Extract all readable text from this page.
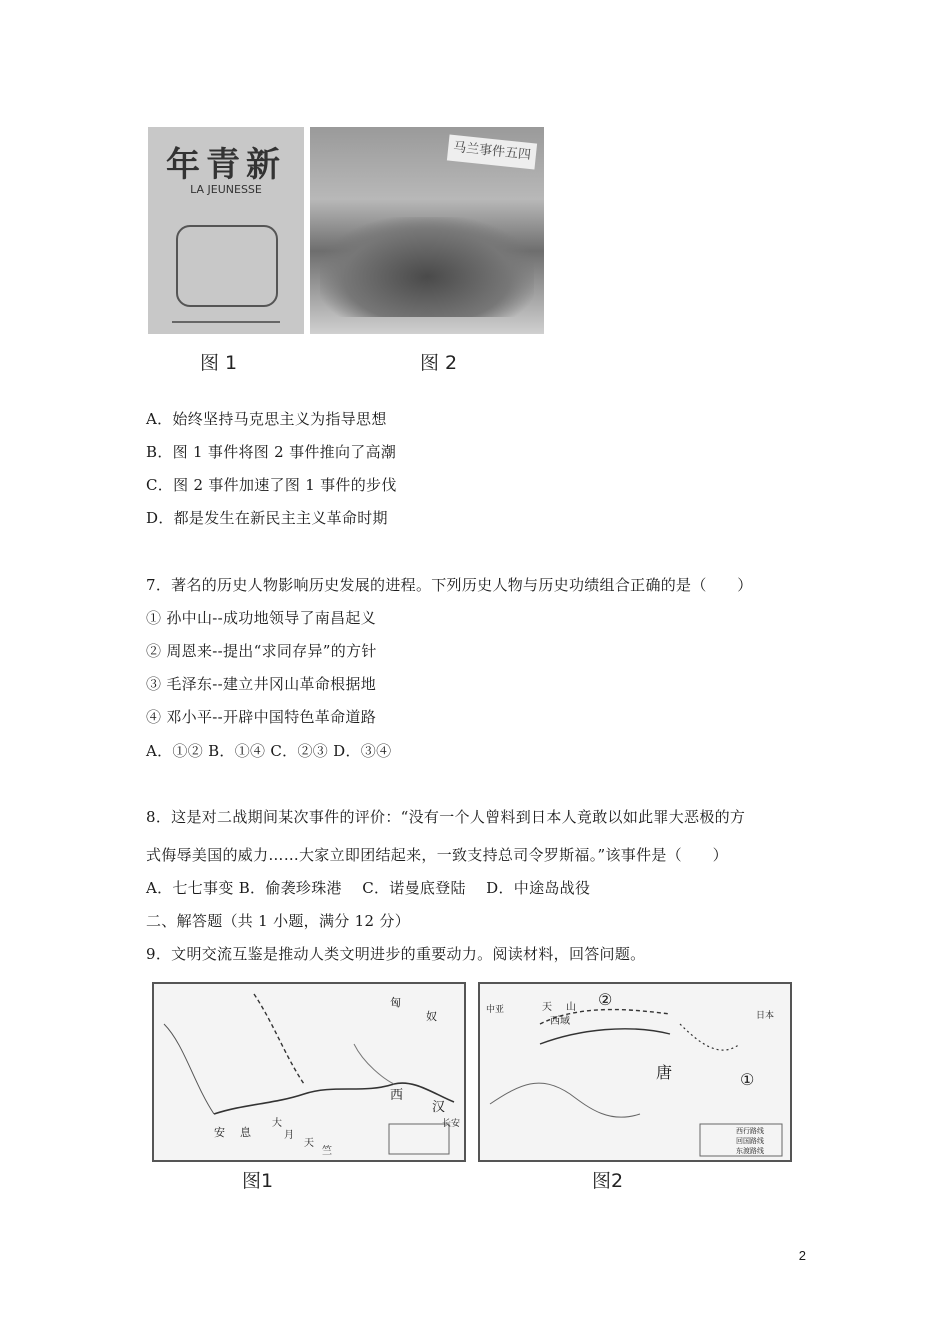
年青新
LA JEUNESSE
马兰事件五四
图 1	图 2
A．始终坚持马克思主义为指导思想
B．图 1 事件将图 2 事件推向了高潮
C．图 2 事件加速了图 1 事件的步伐
D．都是发生在新民主主义革命时期
7．著名的历史人物影响历史发展的进程。下列历史人物与历史功绩组合正确的是（　　）
① 孙中山--成功地领导了南昌起义
② 周恩来--提出“求同存异”的方针
③ 毛泽东--建立井冈山革命根据地
④ 邓小平--开辟中国特色革命道路
A．①② B．①④ C．②③ D．③④
8．这是对二战期间某次事件的评价：“没有一个人曾料到日本人竟敢以如此罪大恶极的方
式侮辱美国的威力……大家立即团结起来，一致支持总司令罗斯福。”该事件是（　　）
A．七七事变 B．偷袭珍珠港　 C．诺曼底登陆　 D．中途岛战役
二、解答题（共 1 小题，满分 12 分）
9．文明交流互鉴是推动人类文明进步的重要动力。阅读材料，回答问题。
匈
奴
西
汉
安 息
大
月
天
竺
长安
天 山
西域
唐
中亚
①
②
日本
西行路线
回国路线
东渡路线
图1	图2
2
